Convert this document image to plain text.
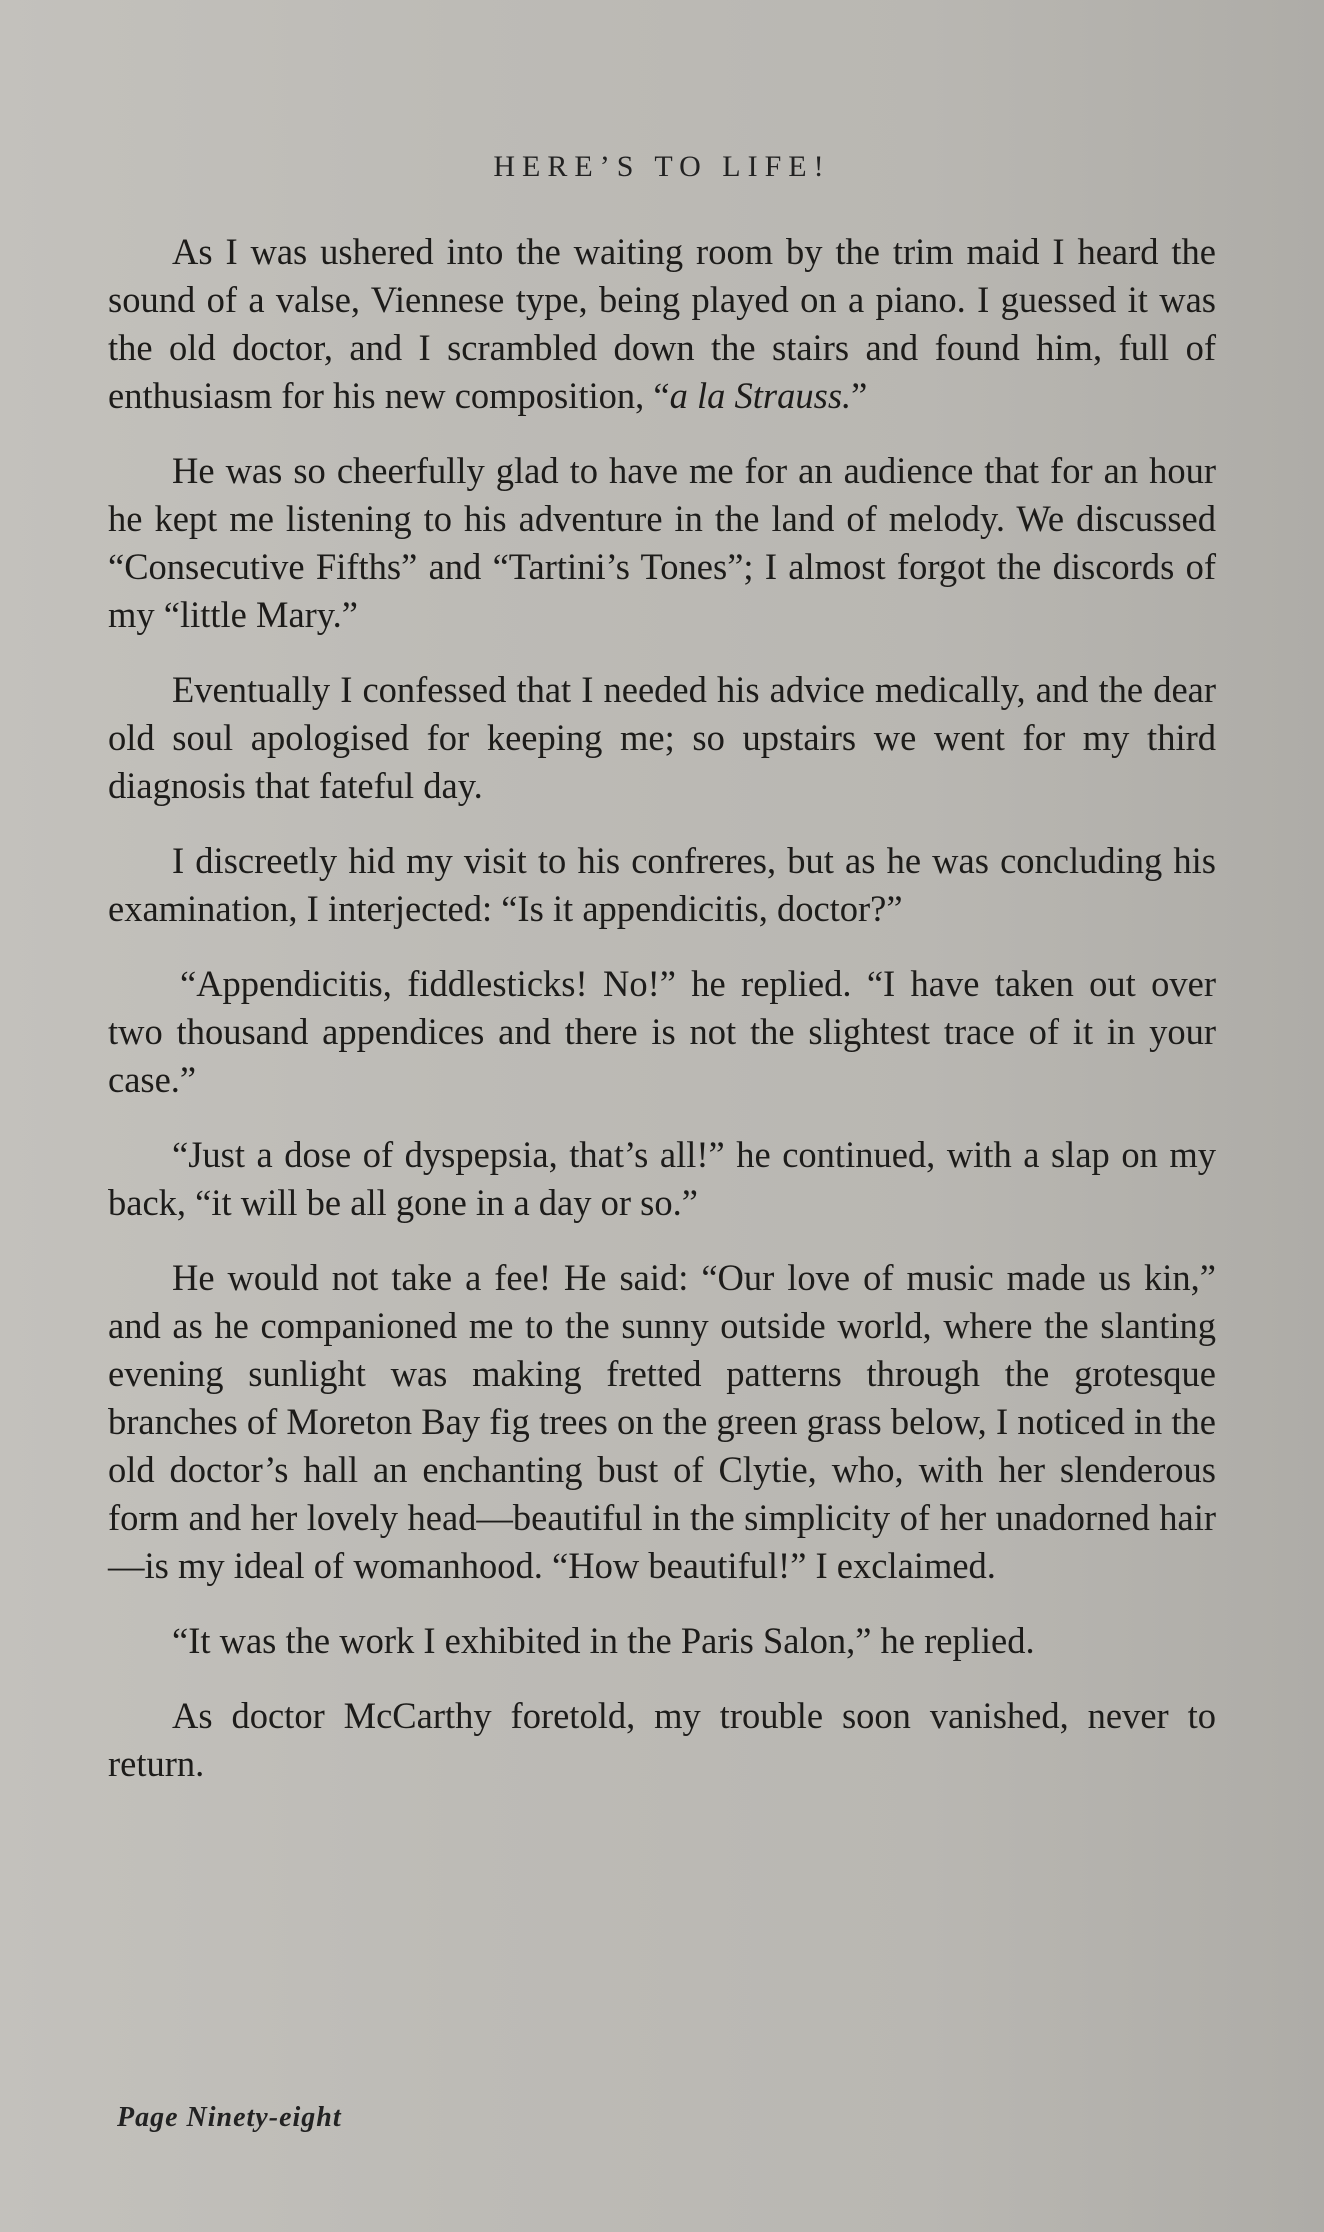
HERE’S TO LIFE!

As I was ushered into the waiting room by the trim maid I heard the sound of a valse, Viennese type, being played on a piano. I guessed it was the old doctor, and I scrambled down the stairs and found him, full of enthusiasm for his new composition, “a la Strauss.”

He was so cheerfully glad to have me for an audience that for an hour he kept me listening to his adventure in the land of melody. We discussed “Consecutive Fifths” and “Tartini’s Tones”; I almost forgot the discords of my “little Mary.”

Eventually I confessed that I needed his advice medically, and the dear old soul apologised for keeping me; so upstairs we went for my third diagnosis that fateful day.

I discreetly hid my visit to his confreres, but as he was concluding his examination, I interjected: “Is it appendicitis, doctor?”

“Appendicitis, fiddlesticks! No!” he replied. “I have taken out over two thousand appendices and there is not the slightest trace of it in your case.”

“Just a dose of dyspepsia, that’s all!” he continued, with a slap on my back, “it will be all gone in a day or so.”

He would not take a fee! He said: “Our love of music made us kin,” and as he companioned me to the sunny outside world, where the slanting evening sunlight was making fretted patterns through the grotesque branches of Moreton Bay fig trees on the green grass below, I noticed in the old doctor’s hall an enchanting bust of Clytie, who, with her slenderous form and her lovely head—beautiful in the simplicity of her unadorned hair—is my ideal of womanhood. “How beautiful!” I exclaimed.

“It was the work I exhibited in the Paris Salon,” he replied.

As doctor McCarthy foretold, my trouble soon vanished, never to return.

Page Ninety-eight
